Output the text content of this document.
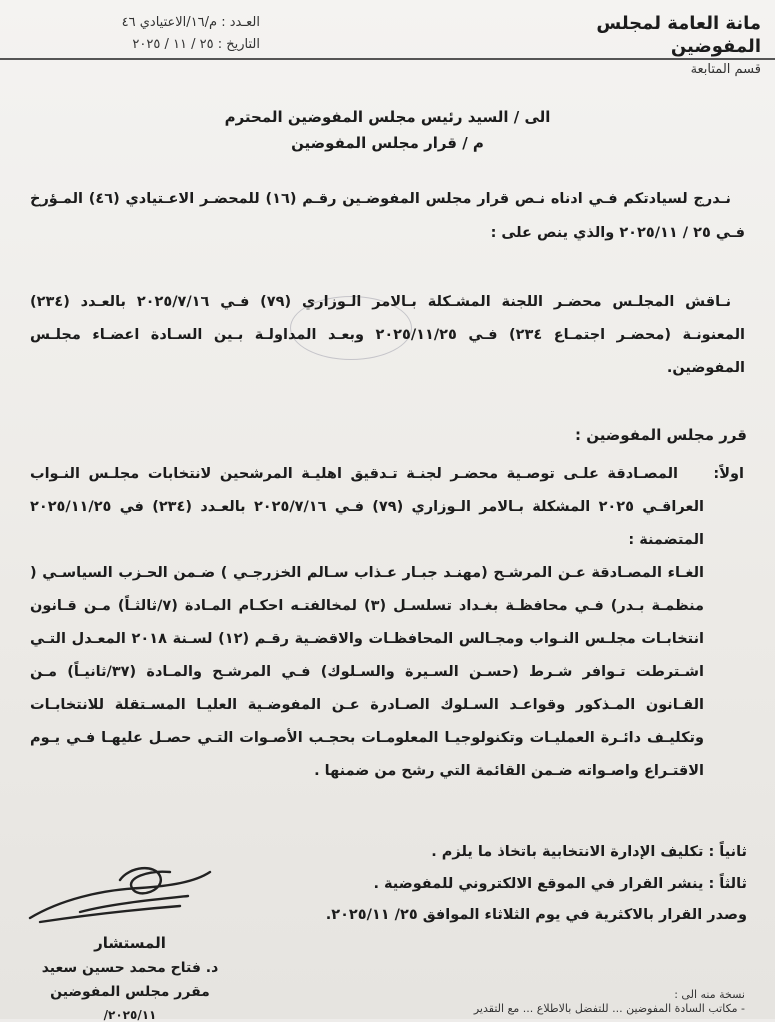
مانة العامة لمجلس المفوضين
قسم المتابعة
العـدد : م/١٦/الاعتيادي ٤٦
التاريخ : ٢٥ / ١١ / ٢٠٢٥
الى / السيد رئيس مجلس المفوضين المحترم
م / قرار مجلس المفوضين
نـدرج لسيادتكم فـي ادناه نـص قرار مجلس المفوضـين رقـم (١٦) للمحضـر الاعـتيادي (٤٦) المـؤرخ فـي ٢٥ / ٢٠٢٥/١١ والذي ينص على :
نـاقش المجلـس محضـر اللجنة المشـكلة بـالامر الـوزاري (٧٩) فـي ٢٠٢٥/٧/١٦ بالعـدد (٢٣٤) المعنونـة (محضـر اجتمـاع ٢٣٤) فـي ٢٠٢٥/١١/٢٥ وبعـد المداولـة بـين السـادة اعضـاء مجلـس المفوضين.
قرر مجلس المفوضين :
اولاً:
المصـادقة علـى توصـية محضـر لجنـة تـدقيق اهليـة المرشحين لانتخابات مجلـس النـواب العراقـي ٢٠٢٥ المشكلة بـالامر الـوزاري (٧٩) فـي ٢٠٢٥/٧/١٦ بالعـدد (٢٣٤) في ٢٠٢٥/١١/٢٥ المتضمنة :
الغـاء المصـادقة عـن المرشـح (مهنـد جبـار عـذاب سـالم الخزرجـي ) ضـمن الحـزب السياسـي ( منظمـة بـدر) فـي محافظـة بغـداد تسلسـل (٣) لمخالفتـه احكـام المـادة (٧/ثالثـاً) مـن قـانون انتخابـات مجلـس النـواب ومجـالس المحافظـات والاقضـية رقـم (١٢) لسـنة ٢٠١٨ المعـدل التـي اشـترطت تـوافر شـرط (حسـن السـيرة والسـلوك) فـي المرشـح والمـادة (٣٧/ثانيـاً) مـن القـانون المـذكور وقواعـد السـلوك الصـادرة عـن المفوضـية العليـا المسـتقلة للانتخابـات وتكليـف دائـرة العمليـات وتكنولوجيـا المعلومـات بحجـب الأصـوات التـي حصـل عليهـا فـي يـوم الاقتـراع واصـواته ضـمن القائمة التي رشح من ضمنها .
ثانياً : تكليف الإدارة الانتخابية باتخاذ ما يلزم .
ثالثاً : ينشر القرار في الموقع الالكتروني للمفوضية .
وصدر القرار بالاكثرية في يوم الثلاثاء الموافق ٢٥/ ٢٠٢٥/١١.
المستشار
د. فتاح محمد حسين سعيد
مقرر مجلس المفوضين
٢٠٢٥/١١/
نسخة منه الى :
- مكاتب السادة المفوضين ... للتفضل بالاطلاع ... مع التقدير
